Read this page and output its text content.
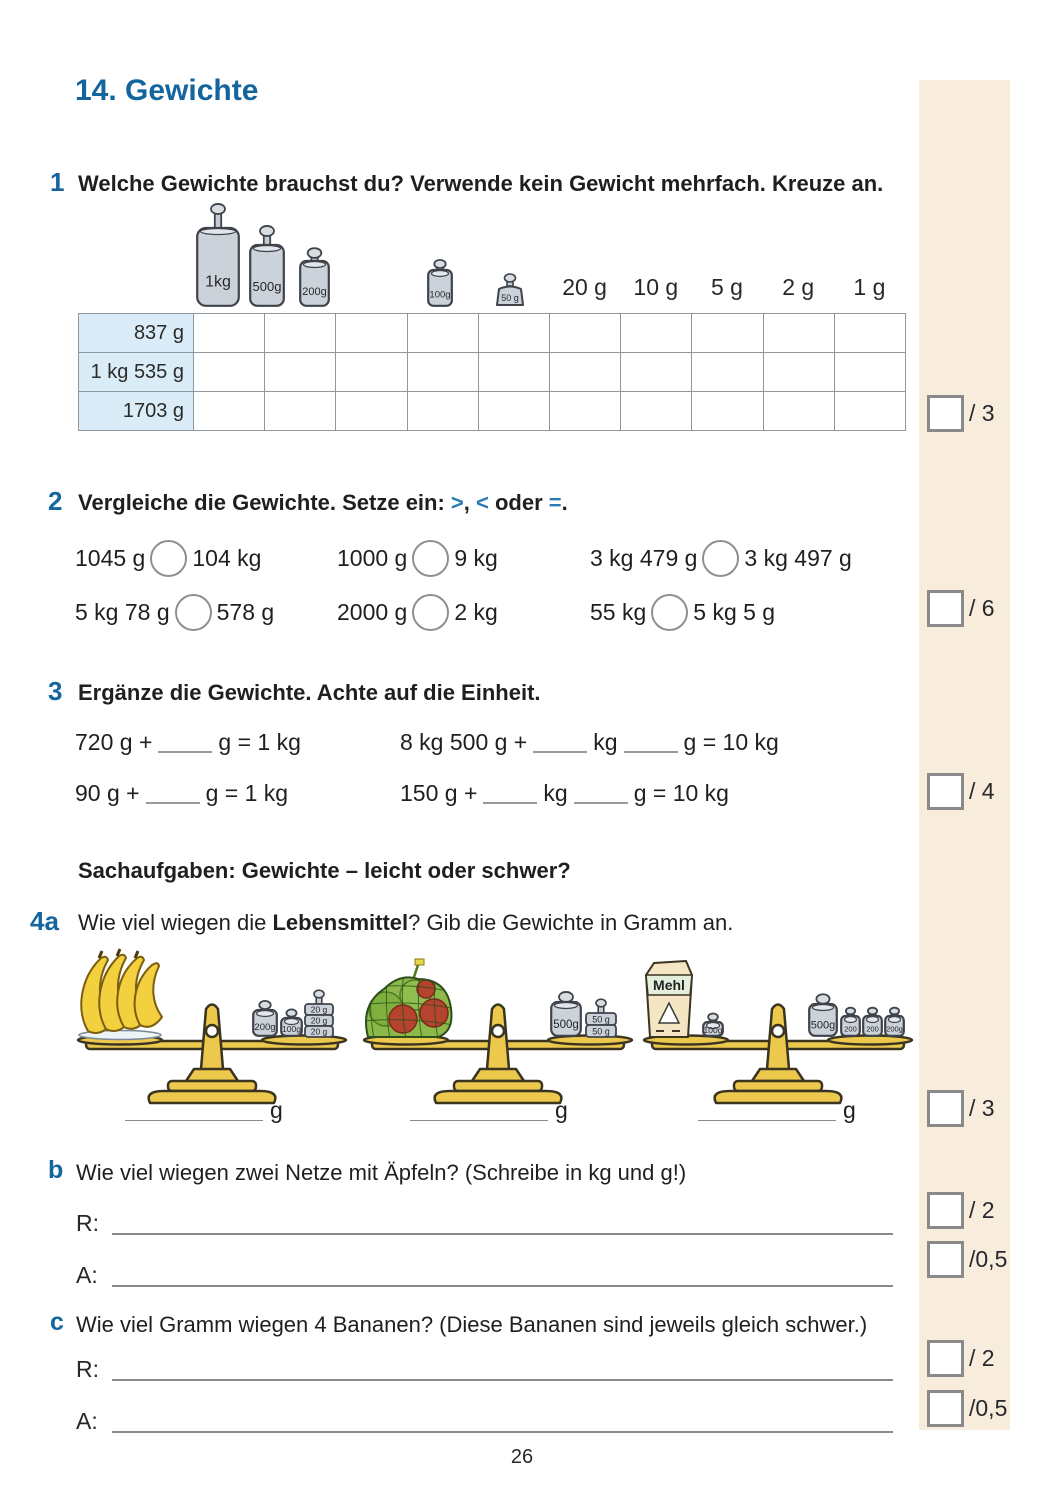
14. Gewichte
1 Welche Gewichte brauchst du? Verwende kein Gewicht mehrfach. Kreuze an.
1kg 500g 200g	100g	50 g	20 g	10 g	5 g	2 g	1 g
837 g
1 kg 535 g
1703 g
2 Vergleiche die Gewichte. Setze ein: >, < oder =.
1045 g 104 kg	1000 g 9 kg	3 kg 479 g 3 kg 497 g
5 kg 78 g 578 g	2000 g 2 kg	55 kg 5 kg 5 g
3 Ergänze die Gewichte. Achte auf die Einheit.
720 g +	g = 1 kg	8 kg 500 g +	kg	g = 10 kg
90 g +	g = 1 kg	150 g +	kg	g = 10 kg
Sachaufgaben: Gewichte – leicht oder schwer?
4a Wie viel wiegen die Lebensmittel? Gib die Gewichte in Gramm an.
200g 100g
20 g
20 g
20 g
500g 50 g
50 g
Mehl
100g	500g 200 200 200g
g	g	g
b Wie viel wiegen zwei Netze mit Äpfeln? (Schreibe in kg und g!)
R:
A:
c Wie viel Gramm wiegen 4 Bananen? (Diese Bananen sind jeweils gleich schwer.)
R:
A:
/ 3
/ 6
/ 4
/ 3
/ 2
/0,5
/ 2
/0,5
26
